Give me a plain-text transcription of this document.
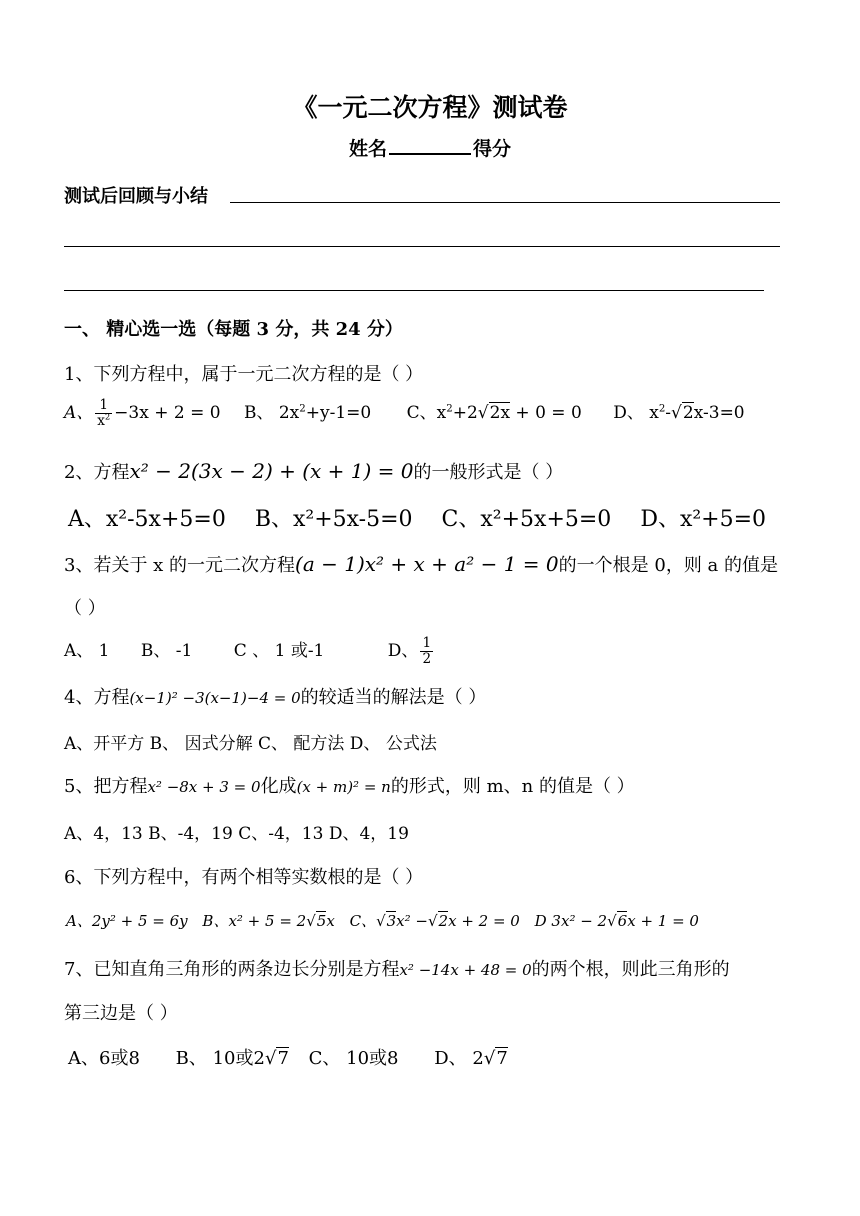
《一元二次方程》测试卷
姓名	得分
测试后回顾与小结
一、 精心选一选（每题 3 分，共 24 分）
1、下列方程中，属于一元二次方程的是（ ）
A、 $\frac{1}{x^2} -3x + 2 = 0$ B、 $2x^2+y-1=0$ C、$x^2+2√2x + 0 = 0$ D、 $x^2-√2x-3=0$
2、方程x² − 2(3x − 2) + (x + 1) = 0的一般形式是（ ）
A、x²-5x+5=0 B、x²+5x-5=0 C、x²+5x+5=0 D、x²+5=0
3、若关于 x 的一元二次方程(a − 1)x² + x + a² − 1 = 0的一个根是 0，则 a 的值是
（ ）
A、 1 B、 -1 C 、 1 或-1	D、 $\frac{1}{2}$
4、方程(x−1)² −3(x−1)−4 = 0的较适当的解法是（ ）
A、开平方 B、 因式分解 C、 配方法 D、 公式法
5、把方程x² −8x + 3 = 0化成(x + m)² = n的形式，则 m、n 的值是（ ）
A、4，13 B、-4，19 C、-4，13 D、4，19
6、下列方程中，有两个相等实数根的是（ ）
A、2y² + 5 = 6y B、x² + 5 = 2√5x C、√3x² −√2x + 2 = 0 D 3x² − 2√6x + 1 = 0
7、已知直角三角形的两条边长分别是方程x² −14x + 48 = 0的两个根，则此三角形的
第三边是（ ）
A、6或8 B、 10或2√7 C、 10或8 D、 2√7
